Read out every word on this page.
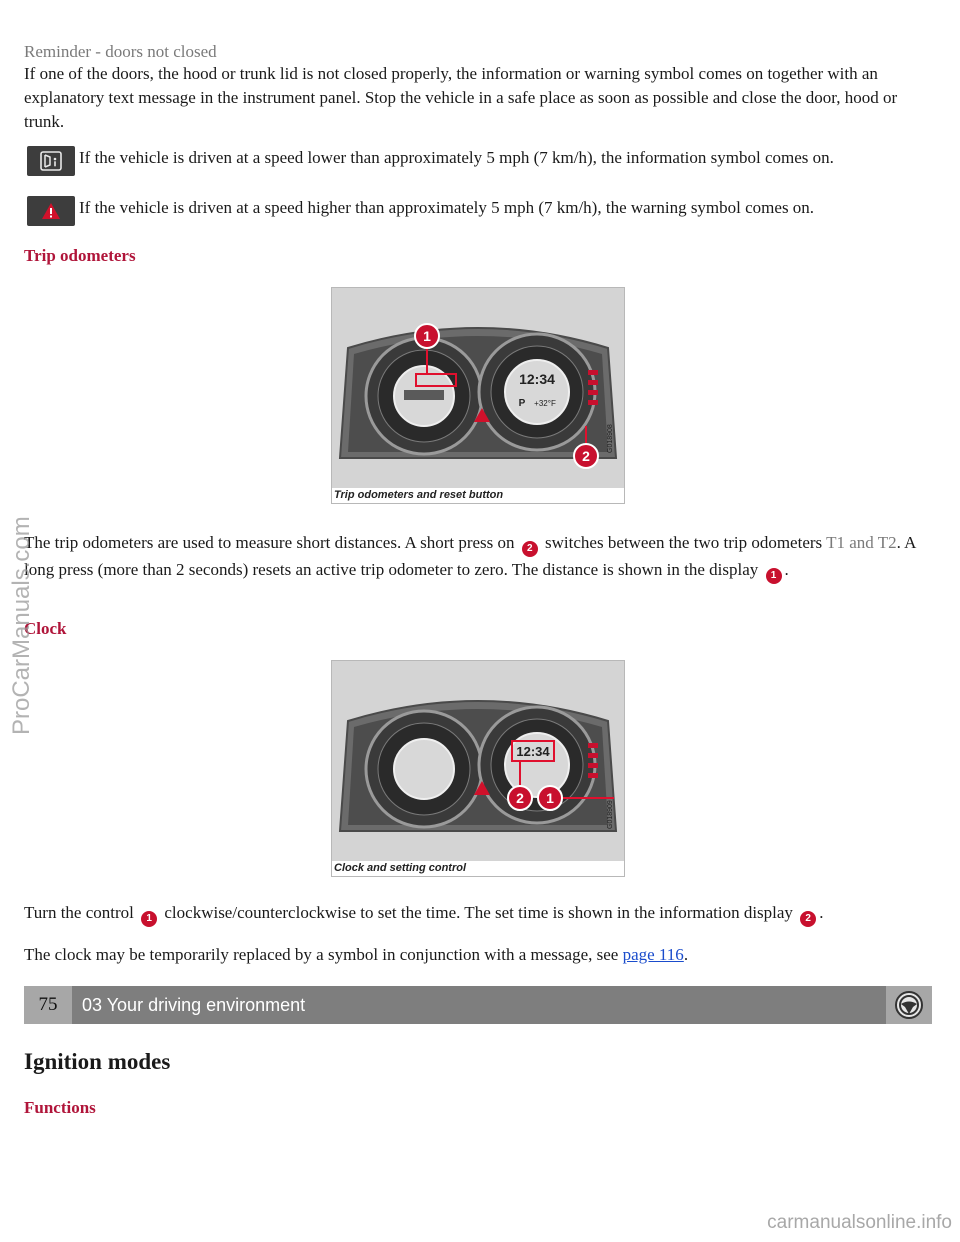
Reminder - doors not closed
If one of the doors, the hood or trunk lid is not closed properly, the information or warning symbol comes on together with an explanatory text message in the instrument panel. Stop the vehicle in a safe place as soon as possible and close the door, hood or trunk.
If the vehicle is driven at a speed lower than approximately 5 mph (7 km/h), the information symbol comes on.
If the vehicle is driven at a speed higher than approximately 5 mph (7 km/h), the warning symbol comes on.
Trip odometers
12:34
P +32°F
1
2
G018908
Trip odometers and reset button
The trip odometers are used to measure short distances. A short press on 2 switches between the two trip odometers T1 and T2. A long press (more than 2 seconds) resets an active trip odometer to zero. The distance is shown in the display 1 .
Clock
12:34
2 1
G018909
Clock and setting control
Turn the control 1 clockwise/counterclockwise to set the time. The set time is shown in the information display 2 .
The clock may be temporarily replaced by a symbol in conjunction with a message, see page 116.
75	03 Your driving environment
Ignition modes
Functions
ProCarManuals.com
carmanualsonline.info
